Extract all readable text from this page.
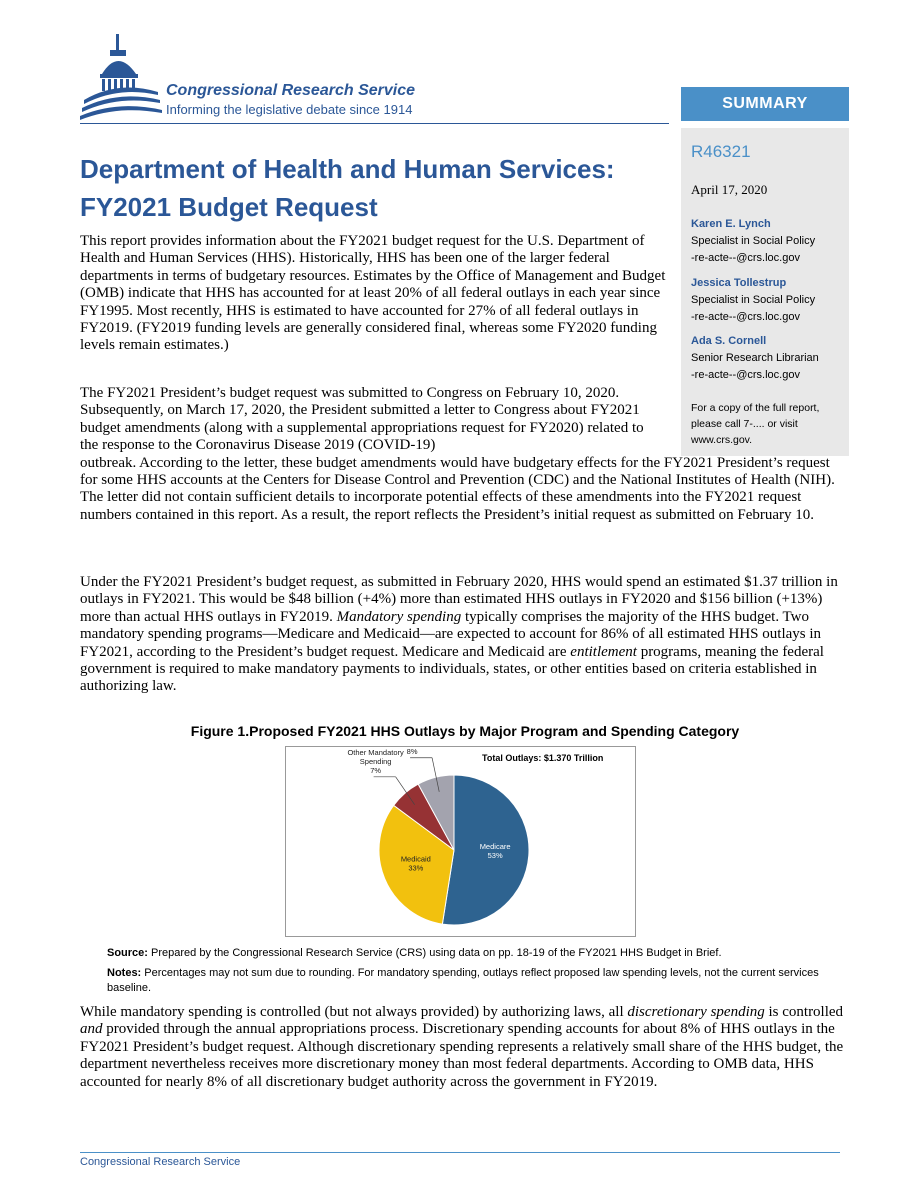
Congressional Research Service
Informing the legislative debate since 1914	SUMMARY
R46321
April 17, 2020
Karen E. Lynch
Specialist in Social Policy
-re-acte--@crs.loc.gov
Jessica Tollestrup
Specialist in Social Policy
-re-acte--@crs.loc.gov
Ada S. Cornell
Senior Research Librarian
-re-acte--@crs.loc.gov
For a copy of the full report, please call 7-.... or visit www.crs.gov.
Department of Health and Human Services:
FY2021 Budget Request
This report provides information about the FY2021 budget request for the U.S. Department of Health and Human Services (HHS). Historically, HHS has been one of the larger federal departments in terms of budgetary resources. Estimates by the Office of Management and Budget (OMB) indicate that HHS has accounted for at least 20% of all federal outlays in each year since FY1995. Most recently, HHS is estimated to have accounted for 27% of all federal outlays in FY2019. (FY2019 funding levels are generally considered final, whereas some FY2020 funding levels remain estimates.)
The FY2021 President’s budget request was submitted to Congress on February 10, 2020. Subsequently, on March 17, 2020, the President submitted a letter to Congress about FY2021 budget amendments (along with a supplemental appropriations request for FY2020) related to the response to the Coronavirus Disease 2019 (COVID-19)
outbreak. According to the letter, these budget amendments would have budgetary effects for the FY2021 President’s request for some HHS accounts at the Centers for Disease Control and Prevention (CDC) and the National Institutes of Health (NIH). The letter did not contain sufficient details to incorporate potential effects of these amendments into the FY2021 request numbers contained in this report. As a result, the report reflects the President’s initial request as submitted on February 10.
Under the FY2021 President’s budget request, as submitted in February 2020, HHS would spend an estimated $1.37 trillion in outlays in FY2021. This would be $48 billion (+4%) more than estimated HHS outlays in FY2020 and $156 billion (+13%) more than actual HHS outlays in FY2019. Mandatory spending typically comprises the majority of the HHS budget. Two mandatory spending programs—Medicare and Medicaid—are expected to account for 86% of all estimated HHS outlays in FY2021, according to the President’s budget request. Medicare and Medicaid are entitlement programs, meaning the federal government is required to make mandatory payments to individuals, states, or other entities based on criteria established in authorizing law.
Figure 1.Proposed FY2021 HHS Outlays by Major Program and Spending Category
Total Outlays: $1.370 Trillion
Medicare
53%
Medicaid
33%
Other Mandatory
Spending
7%
8%
Source: Prepared by the Congressional Research Service (CRS) using data on pp. 18-19 of the FY2021 HHS Budget in Brief.
Notes: Percentages may not sum due to rounding. For mandatory spending, outlays reflect proposed law spending levels, not the current services baseline.
While mandatory spending is controlled (but not always provided) by authorizing laws, all discretionary spending is controlled and provided through the annual appropriations process. Discretionary spending accounts for about 8% of HHS outlays in the FY2021 President’s budget request. Although discretionary spending represents a relatively small share of the HHS budget, the department nevertheless receives more discretionary money than most federal departments. According to OMB data, HHS accounted for nearly 8% of all discretionary budget authority across the government in FY2019.
Congressional Research Service
